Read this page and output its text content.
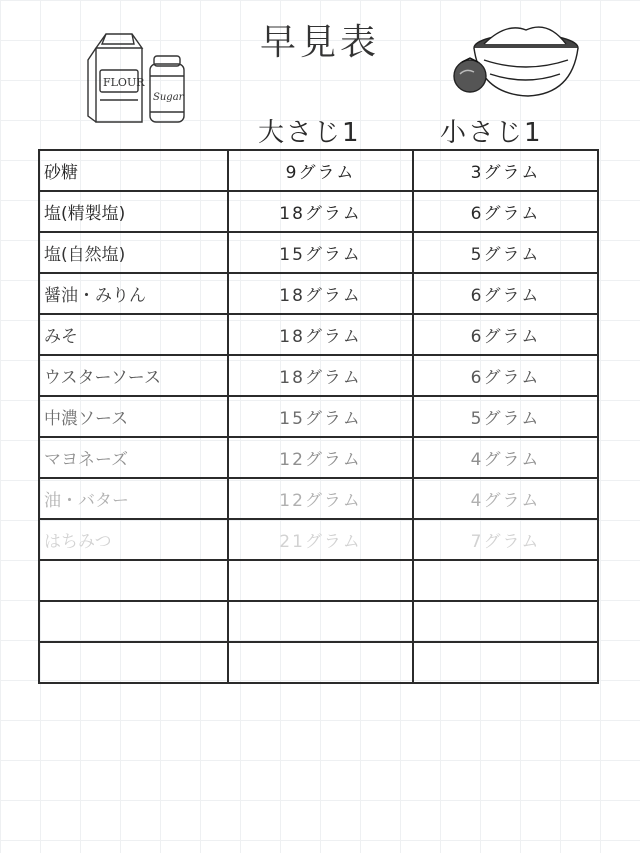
早見表
FLOUR
Sugar
大さじ1	小さじ1
砂糖	9グラム	3グラム
塩(精製塩)	18グラム	6グラム
塩(自然塩)	15グラム	5グラム
醤油・みりん	18グラム	6グラム
みそ	18グラム	6グラム
ウスターソース	18グラム	6グラム
中濃ソース	15グラム	5グラム
マヨネーズ	12グラム	4グラム
油・バター	12グラム	4グラム
はちみつ	21グラム	7グラム
